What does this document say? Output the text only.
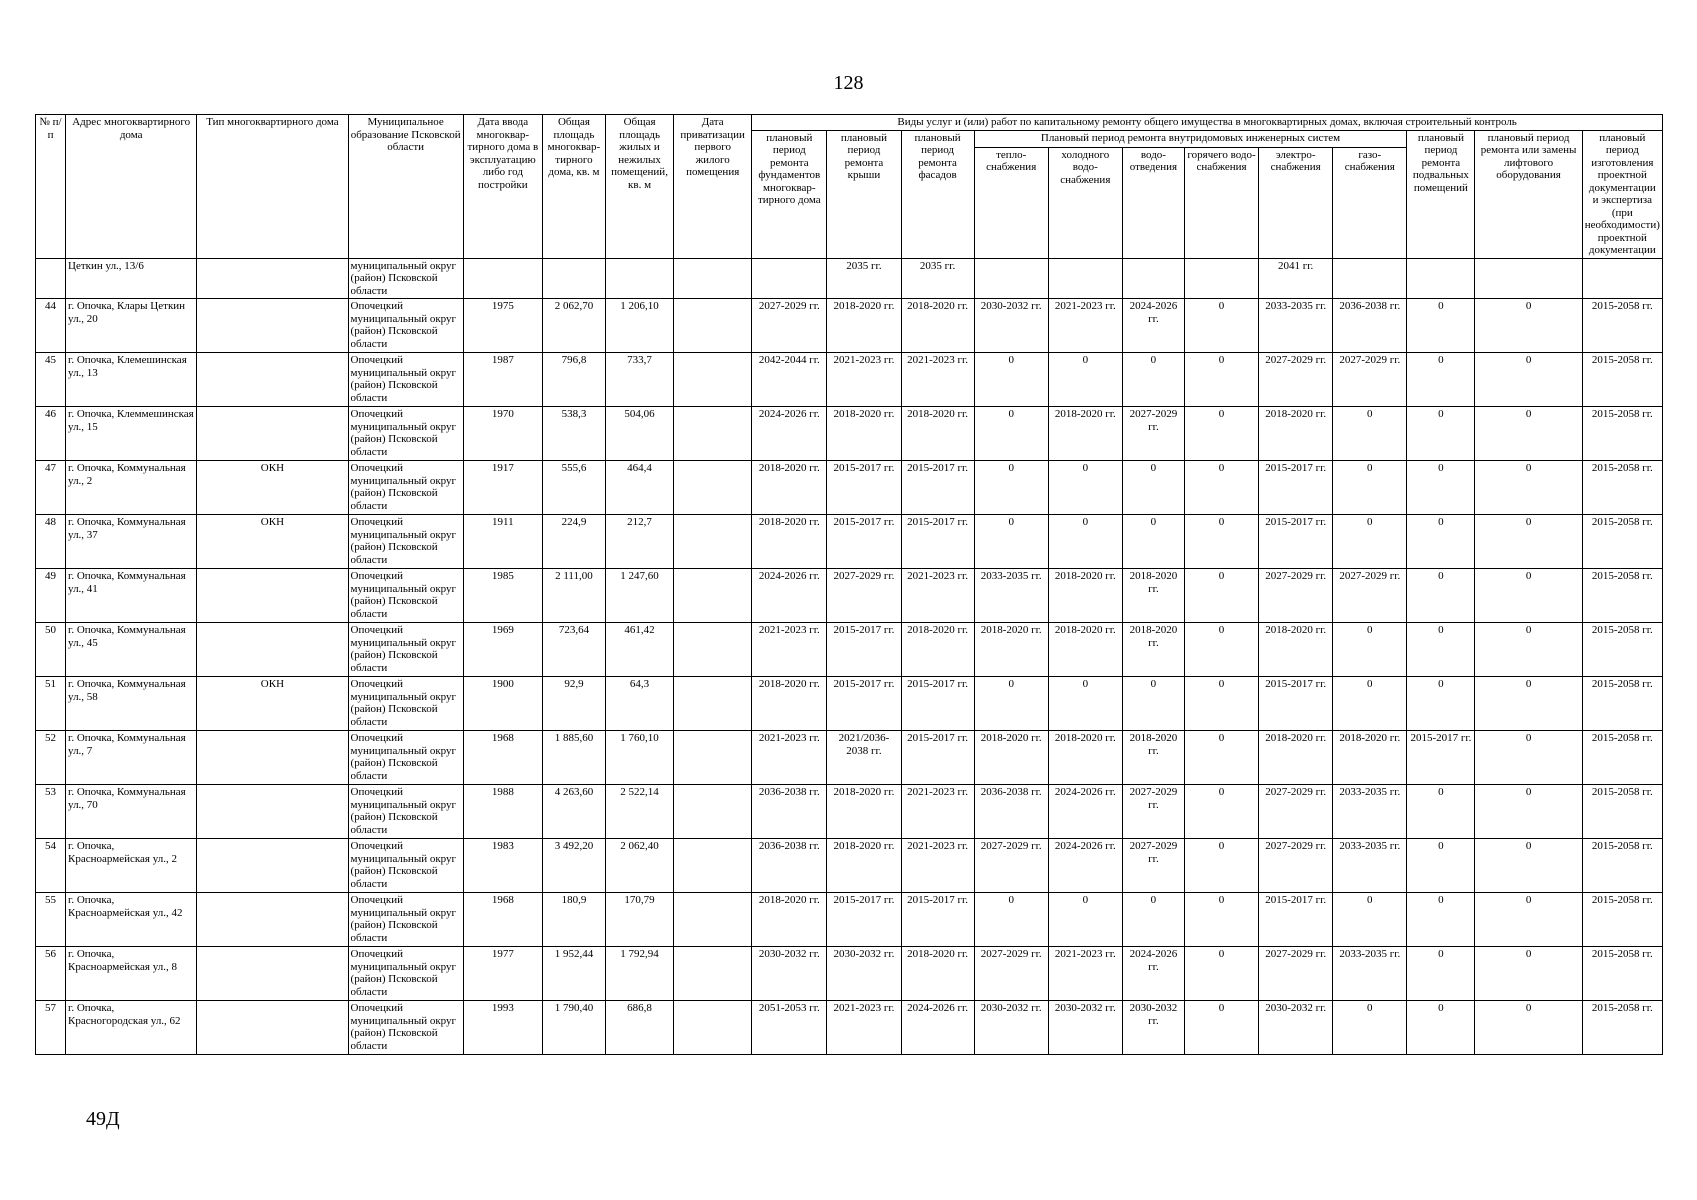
128
№ п/п	Адрес многоквартирного дома	Тип многоквартирного дома	Муниципальное образование Псковской области	Дата ввода многоквар-тирного дома в эксплуатацию либо год постройки	Общая площадь многоквар-тирного дома, кв. м	Общая площадь жилых и нежилых помещений, кв. м	Дата приватизации первого жилого помещения	Виды услуг и (или) работ по капитальному ремонту общего имущества в многоквартирных домах, включая строительный контроль											
								плановый период ремонта фундаментов многоквар-тирного дома	плановый период ремонта крыши	плановый период ремонта фасадов	Плановый период ремонта внутридомовых инженерных систем						плановый период ремонта подвальных помещений	плановый период ремонта или замены лифтового оборудования	плановый период изготовления проектной документации и экспертиза (при необходимости) проектной документации
											тепло-снабжения	холодного водо-снабжения	водо-отведения	горячего водо-снабжения	электро-снабжения	газо-снабжения			
	Цеткин ул., 13/6		муниципальный округ (район) Псковской области						2035 гг.	2035 гг.					2041 гг.				
44	г. Опочка, Клары Цеткин ул., 20		Опочецкий муниципальный округ (район) Псковской области	1975	2 062,70	1 206,10		2027-2029 гг.	2018-2020 гг.	2018-2020 гг.	2030-2032 гг.	2021-2023 гг.	2024-2026 гг.	0	2033-2035 гг.	2036-2038 гг.	0	0	2015-2058 гг.
45	г. Опочка, Клемешинская ул., 13		Опочецкий муниципальный округ (район) Псковской области	1987	796,8	733,7		2042-2044 гг.	2021-2023 гг.	2021-2023 гг.	0	0	0	0	2027-2029 гг.	2027-2029 гг.	0	0	2015-2058 гг.
46	г. Опочка, Клеммешинская ул., 15		Опочецкий муниципальный округ (район) Псковской области	1970	538,3	504,06		2024-2026 гг.	2018-2020 гг.	2018-2020 гг.	0	2018-2020 гг.	2027-2029 гг.	0	2018-2020 гг.	0	0	0	2015-2058 гг.
47	г. Опочка, Коммунальная ул., 2	ОКН	Опочецкий муниципальный округ (район) Псковской области	1917	555,6	464,4		2018-2020 гг.	2015-2017 гг.	2015-2017 гг.	0	0	0	0	2015-2017 гг.	0	0	0	2015-2058 гг.
48	г. Опочка, Коммунальная ул., 37	ОКН	Опочецкий муниципальный округ (район) Псковской области	1911	224,9	212,7		2018-2020 гг.	2015-2017 гг.	2015-2017 гг.	0	0	0	0	2015-2017 гг.	0	0	0	2015-2058 гг.
49	г. Опочка, Коммунальная ул., 41		Опочецкий муниципальный округ (район) Псковской области	1985	2 111,00	1 247,60		2024-2026 гг.	2027-2029 гг.	2021-2023 гг.	2033-2035 гг.	2018-2020 гг.	2018-2020 гг.	0	2027-2029 гг.	2027-2029 гг.	0	0	2015-2058 гг.
50	г. Опочка, Коммунальная ул., 45		Опочецкий муниципальный округ (район) Псковской области	1969	723,64	461,42		2021-2023 гг.	2015-2017 гг.	2018-2020 гг.	2018-2020 гг.	2018-2020 гг.	2018-2020 гг.	0	2018-2020 гг.	0	0	0	2015-2058 гг.
51	г. Опочка, Коммунальная ул., 58	ОКН	Опочецкий муниципальный округ (район) Псковской области	1900	92,9	64,3		2018-2020 гг.	2015-2017 гг.	2015-2017 гг.	0	0	0	0	2015-2017 гг.	0	0	0	2015-2058 гг.
52	г. Опочка, Коммунальная ул., 7		Опочецкий муниципальный округ (район) Псковской области	1968	1 885,60	1 760,10		2021-2023 гг.	2021/2036-2038 гг.	2015-2017 гг.	2018-2020 гг.	2018-2020 гг.	2018-2020 гг.	0	2018-2020 гг.	2018-2020 гг.	2015-2017 гг.	0	2015-2058 гг.
53	г. Опочка, Коммунальная ул., 70		Опочецкий муниципальный округ (район) Псковской области	1988	4 263,60	2 522,14		2036-2038 гг.	2018-2020 гг.	2021-2023 гг.	2036-2038 гг.	2024-2026 гг.	2027-2029 гг.	0	2027-2029 гг.	2033-2035 гг.	0	0	2015-2058 гг.
54	г. Опочка, Красноармейская ул., 2		Опочецкий муниципальный округ (район) Псковской области	1983	3 492,20	2 062,40		2036-2038 гг.	2018-2020 гг.	2021-2023 гг.	2027-2029 гг.	2024-2026 гг.	2027-2029 гг.	0	2027-2029 гг.	2033-2035 гг.	0	0	2015-2058 гг.
55	г. Опочка, Красноармейская ул., 42		Опочецкий муниципальный округ (район) Псковской области	1968	180,9	170,79		2018-2020 гг.	2015-2017 гг.	2015-2017 гг.	0	0	0	0	2015-2017 гг.	0	0	0	2015-2058 гг.
56	г. Опочка, Красноармейская ул., 8		Опочецкий муниципальный округ (район) Псковской области	1977	1 952,44	1 792,94		2030-2032 гг.	2030-2032 гг.	2018-2020 гг.	2027-2029 гг.	2021-2023 гг.	2024-2026 гг.	0	2027-2029 гг.	2033-2035 гг.	0	0	2015-2058 гг.
57	г. Опочка, Красногородская ул., 62		Опочецкий муниципальный округ (район) Псковской области	1993	1 790,40	686,8		2051-2053 гг.	2021-2023 гг.	2024-2026 гг.	2030-2032 гг.	2030-2032 гг.	2030-2032 гг.	0	2030-2032 гг.	0	0	0	2015-2058 гг.
49Д
